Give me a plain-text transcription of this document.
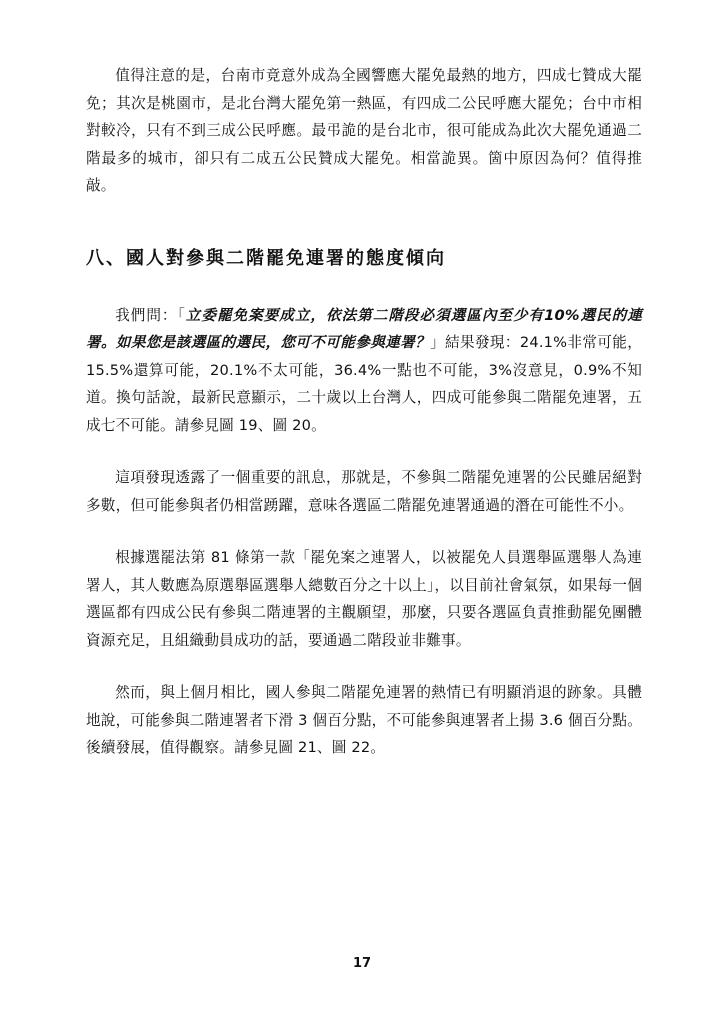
值得注意的是，台南市竟意外成為全國響應大罷免最熱的地方，四成七贊成大罷免；其次是桃園市，是北台灣大罷免第一熱區，有四成二公民呼應大罷免；台中市相對較冷，只有不到三成公民呼應。最弔詭的是台北市，很可能成為此次大罷免通過二階最多的城市，卻只有二成五公民贊成大罷免。相當詭異。箇中原因為何？值得推敲。

八、國人對參與二階罷免連署的態度傾向

我們問：「立委罷免案要成立，依法第二階段必須選區內至少有10%選民的連署。如果您是該選區的選民，您可不可能參與連署？」結果發現：24.1%非常可能，15.5%還算可能，20.1%不太可能，36.4%一點也不可能，3%沒意見，0.9%不知道。換句話說，最新民意顯示，二十歲以上台灣人，四成可能參與二階罷免連署，五成七不可能。請參見圖 19、圖 20。

這項發現透露了一個重要的訊息，那就是，不參與二階罷免連署的公民雖居絕對多數，但可能參與者仍相當踴躍，意味各選區二階罷免連署通過的潛在可能性不小。

根據選罷法第 81 條第一款「罷免案之連署人，以被罷免人員選舉區選舉人為連署人，其人數應為原選舉區選舉人總數百分之十以上」，以目前社會氣氛，如果每一個選區都有四成公民有參與二階連署的主觀願望，那麼，只要各選區負責推動罷免團體資源充足，且組織動員成功的話，要通過二階段並非難事。

然而，與上個月相比，國人參與二階罷免連署的熱情已有明顯消退的跡象。具體地說，可能參與二階連署者下滑 3 個百分點，不可能參與連署者上揚 3.6 個百分點。後續發展，值得觀察。請參見圖 21、圖 22。

17
